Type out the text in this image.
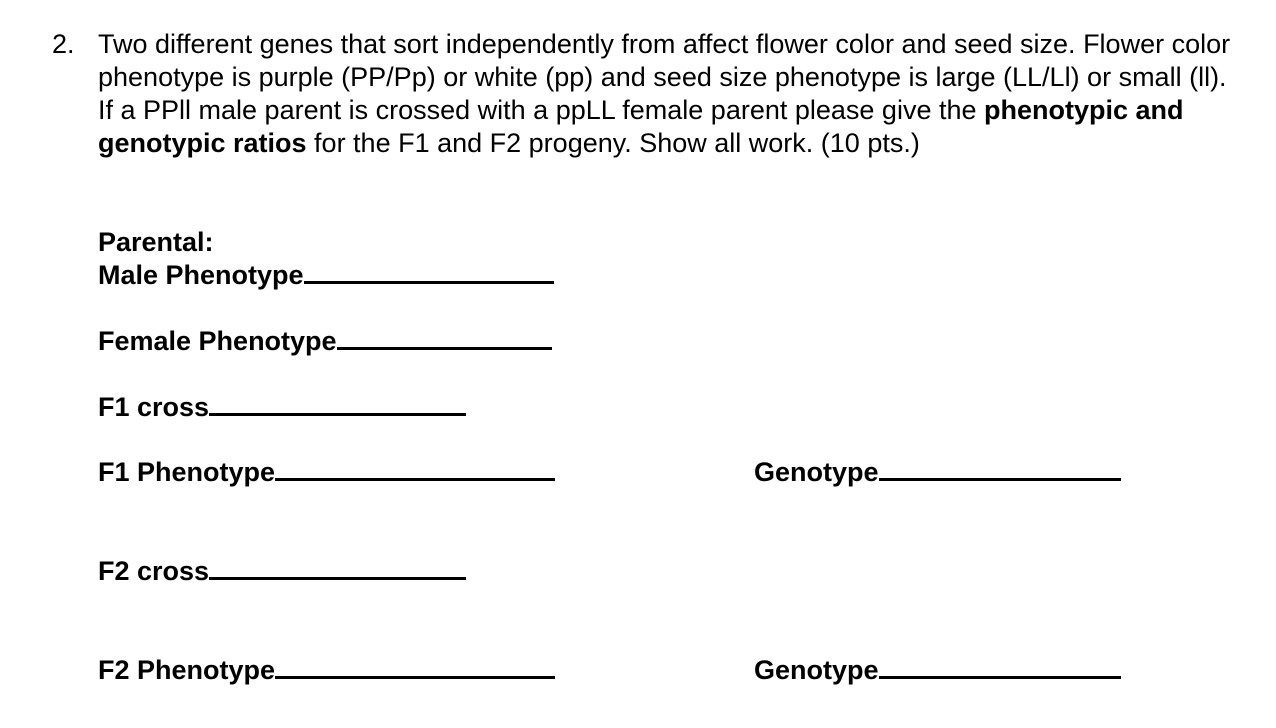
2. Two different genes that sort independently from affect flower color and seed size. Flower color phenotype is purple (PP/Pp) or white (pp) and seed size phenotype is large (LL/Ll) or small (ll). If a PPll male parent is crossed with a ppLL female parent please give the phenotypic and genotypic ratios for the F1 and F2 progeny. Show all work. (10 pts.)
Parental:
Male Phenotype
Female Phenotype
F1 cross
F1 Phenotype	Genotype
F2 cross
F2 Phenotype	Genotype
